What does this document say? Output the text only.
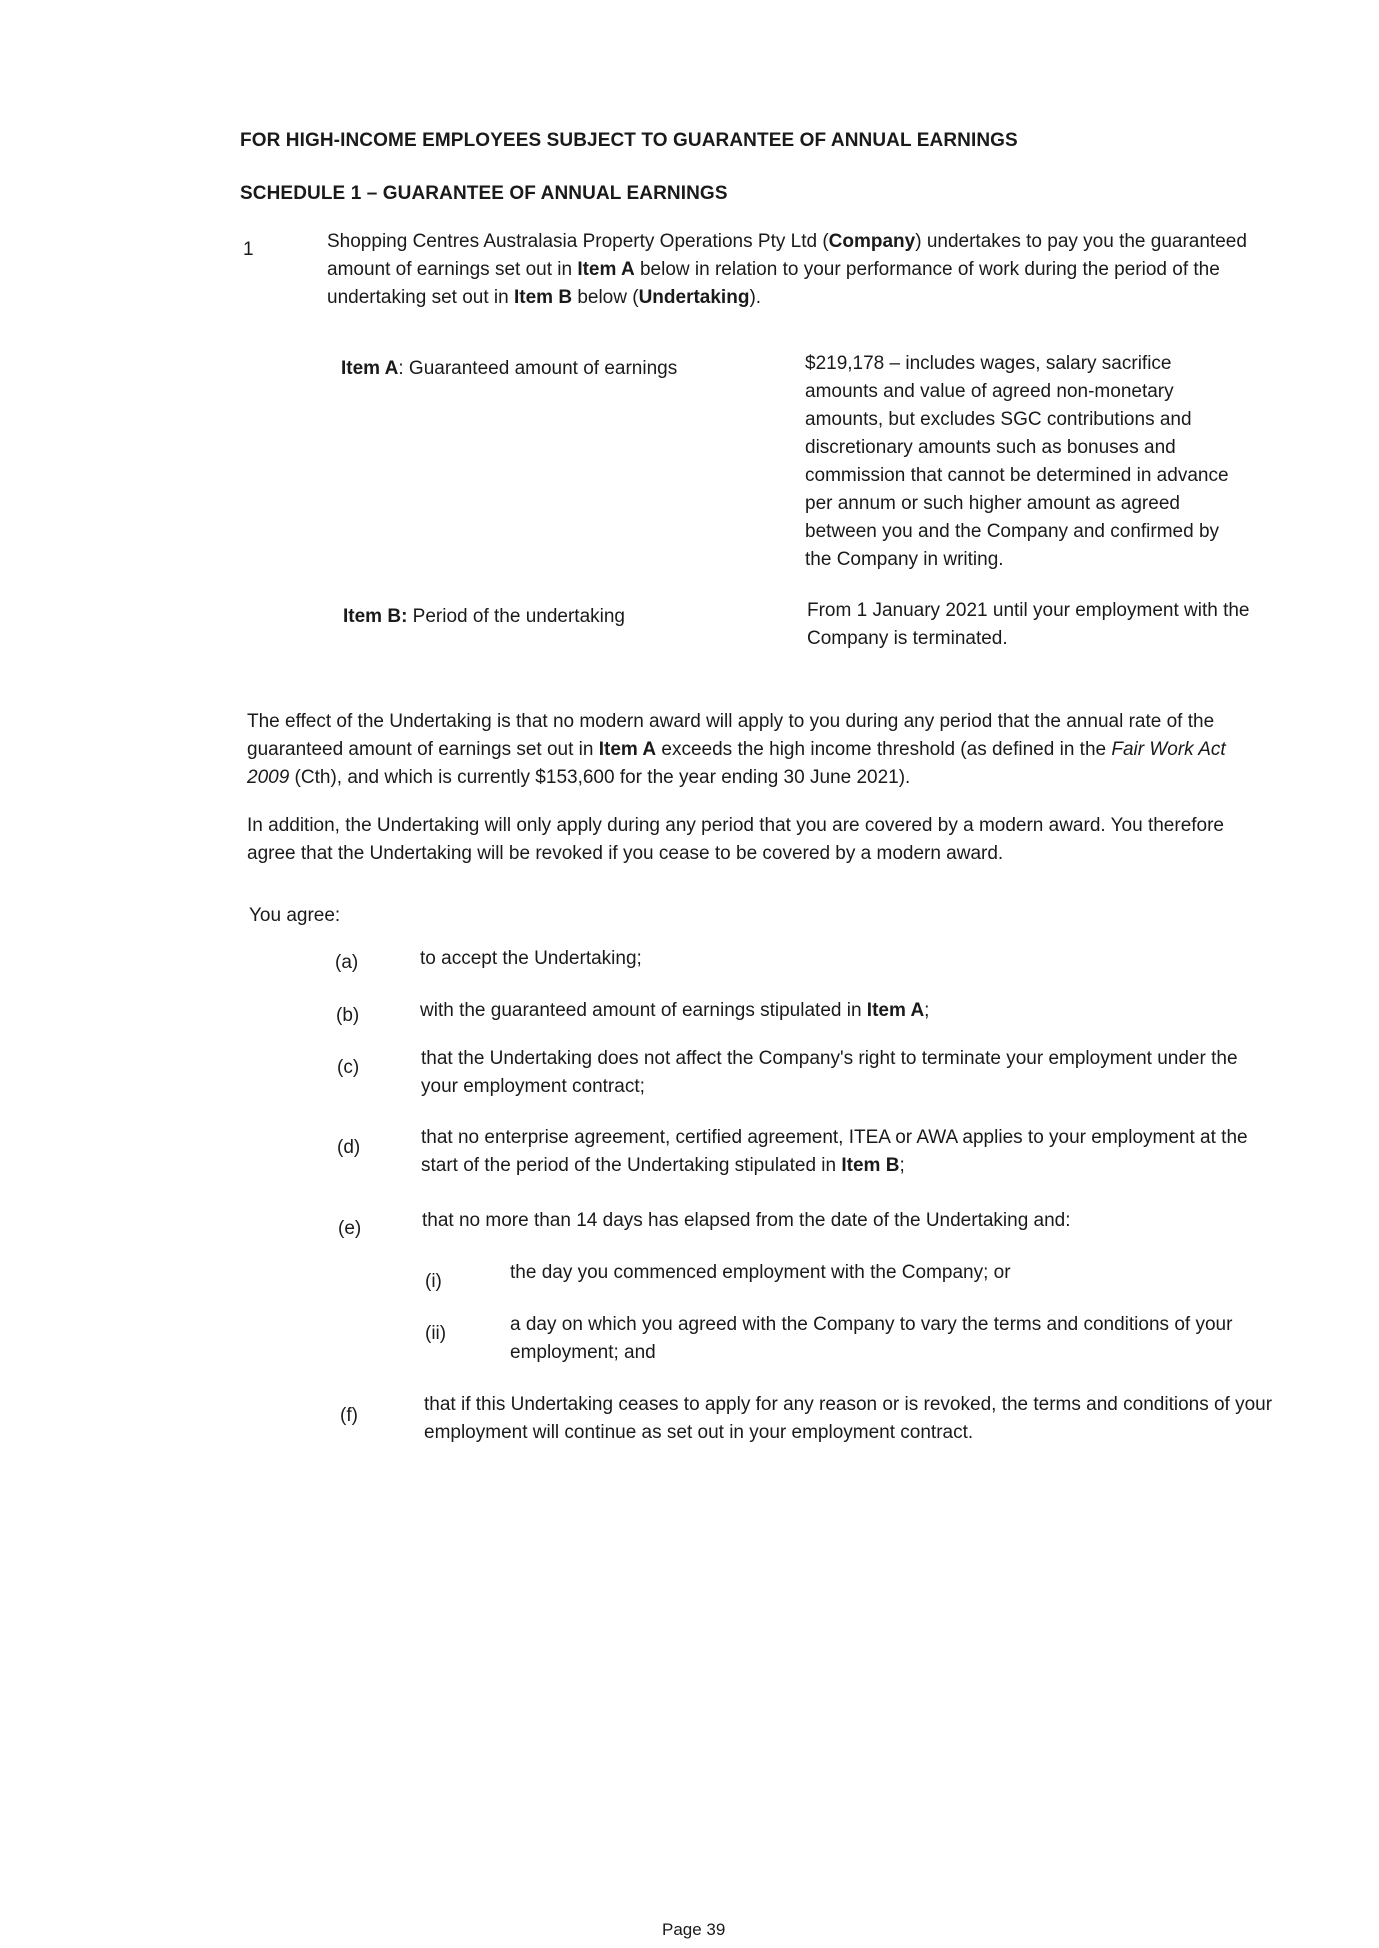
FOR HIGH-INCOME EMPLOYEES SUBJECT TO GUARANTEE OF ANNUAL EARNINGS
SCHEDULE 1 – GUARANTEE OF ANNUAL EARNINGS
1	Shopping Centres Australasia Property Operations Pty Ltd (Company) undertakes to pay you the guaranteed amount of earnings set out in Item A below in relation to your performance of work during the period of the undertaking set out in Item B below (Undertaking).
Item A: Guaranteed amount of earnings	$219,178 – includes wages, salary sacrifice amounts and value of agreed non-monetary amounts, but excludes SGC contributions and discretionary amounts such as bonuses and commission that cannot be determined in advance per annum or such higher amount as agreed between you and the Company and confirmed by the Company in writing.
Item B: Period of the undertaking	From 1 January 2021 until your employment with the Company is terminated.
The effect of the Undertaking is that no modern award will apply to you during any period that the annual rate of the guaranteed amount of earnings set out in Item A exceeds the high income threshold (as defined in the Fair Work Act 2009 (Cth), and which is currently $153,600 for the year ending 30 June 2021).
In addition, the Undertaking will only apply during any period that you are covered by a modern award. You therefore agree that the Undertaking will be revoked if you cease to be covered by a modern award.
You agree:
(a)	to accept the Undertaking;
(b)	with the guaranteed amount of earnings stipulated in Item A;
(c)	that the Undertaking does not affect the Company's right to terminate your employment under the your employment contract;
(d)	that no enterprise agreement, certified agreement, ITEA or AWA applies to your employment at the start of the period of the Undertaking stipulated in Item B;
(e)	that no more than 14 days has elapsed from the date of the Undertaking and:
(i)	the day you commenced employment with the Company; or
(ii)	a day on which you agreed with the Company to vary the terms and conditions of your employment; and
(f)
that if this Undertaking ceases to apply for any reason or is revoked, the terms and conditions of your employment will continue as set out in your employment contract.
Page 39
